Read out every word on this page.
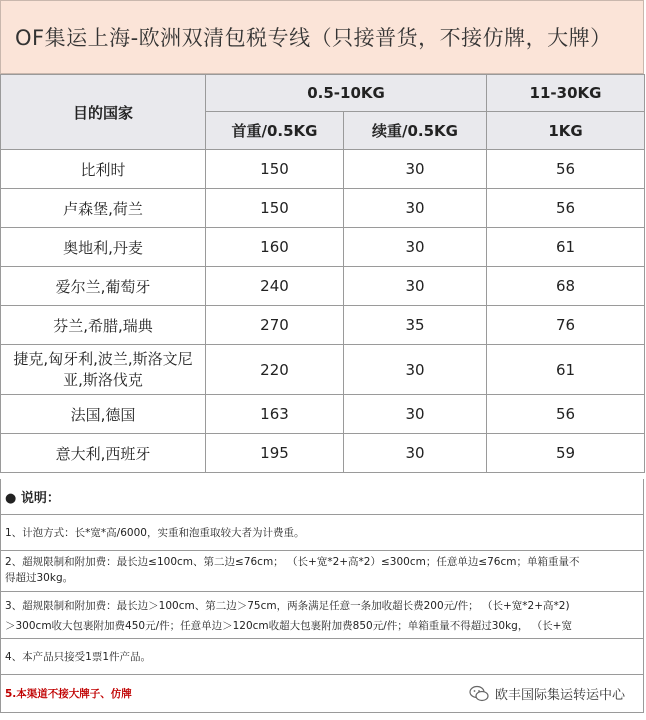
OF集运上海-欧洲双清包税专线（只接普货，不接仿牌，大牌）
目的国家	0.5-10KG		11-30KG
	首重/0.5KG	续重/0.5KG	1KG
比利时	150	30	56
卢森堡,荷兰	150	30	56
奥地利,丹麦	160	30	61
爱尔兰,葡萄牙	240	30	68
芬兰,希腊,瑞典	270	35	76

捷克,匈牙利,波兰,斯洛文尼
亚,斯洛伐克	220	30	61
法国,德国	163	30	56
意大利,西班牙	195	30	59
● 说明：
1、计泡方式：长*宽*高/6000，实重和泡重取较大者为计费重。
2、超规限制和附加费：最长边≤100cm、第二边≤76cm； （长+宽*2+高*2）≤300cm；任意单边≤76cm；单箱重量不
得超过30kg。
3、超规限制和附加费：最长边＞100cm、第二边＞75cm，两条满足任意一条加收超长费200元/件； （长+宽*2+高*2)
＞300cm收大包裹附加费450元/件；任意单边＞120cm收超大包裹附加费850元/件；单箱重量不得超过30kg， （长+宽
4、本产品只接受1票1件产品。
5.本渠道不接大牌子、仿牌	欧丰国际集运转运中心
